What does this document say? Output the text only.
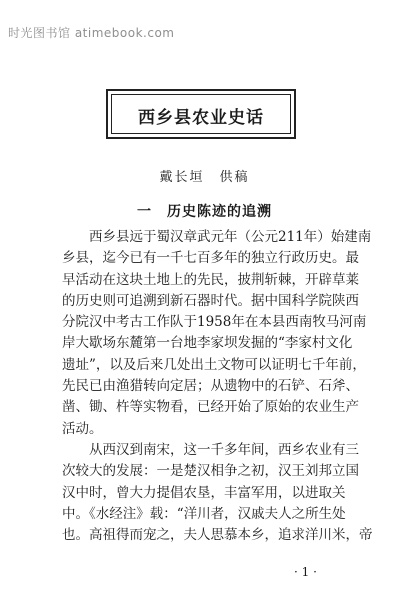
时光图书馆 atimebook.com
西乡县农业史话
戴长垣　供稿
一　历史陈迹的追溯
西乡县远于蜀汉章武元年（公元211年）始建南
乡县，迄今已有一千七百多年的独立行政历史。最
早活动在这块土地上的先民，披荆斩棘，开辟草莱
的历史则可追溯到新石器时代。据中国科学院陕西
分院汉中考古工作队于1958年在本县西南牧马河南
岸大歇场东麓第一台地李家坝发掘的“李家村文化
遗址”，以及后来几处出土文物可以证明七千年前，
先民已由渔猎转向定居；从遗物中的石铲、石斧、
凿、锄、杵等实物看，已经开始了原始的农业生产
活动。
从西汉到南宋，这一千多年间，西乡农业有三
次较大的发展：一是楚汉相争之初，汉王刘邦立国
汉中时，曾大力提倡农垦，丰富军用，以进取关
中。《水经注》载：“洋川者，汉戚夫人之所生处
也。高祖得而宠之，夫人思慕本乡，追求洋川米，帝
· 1 ·
